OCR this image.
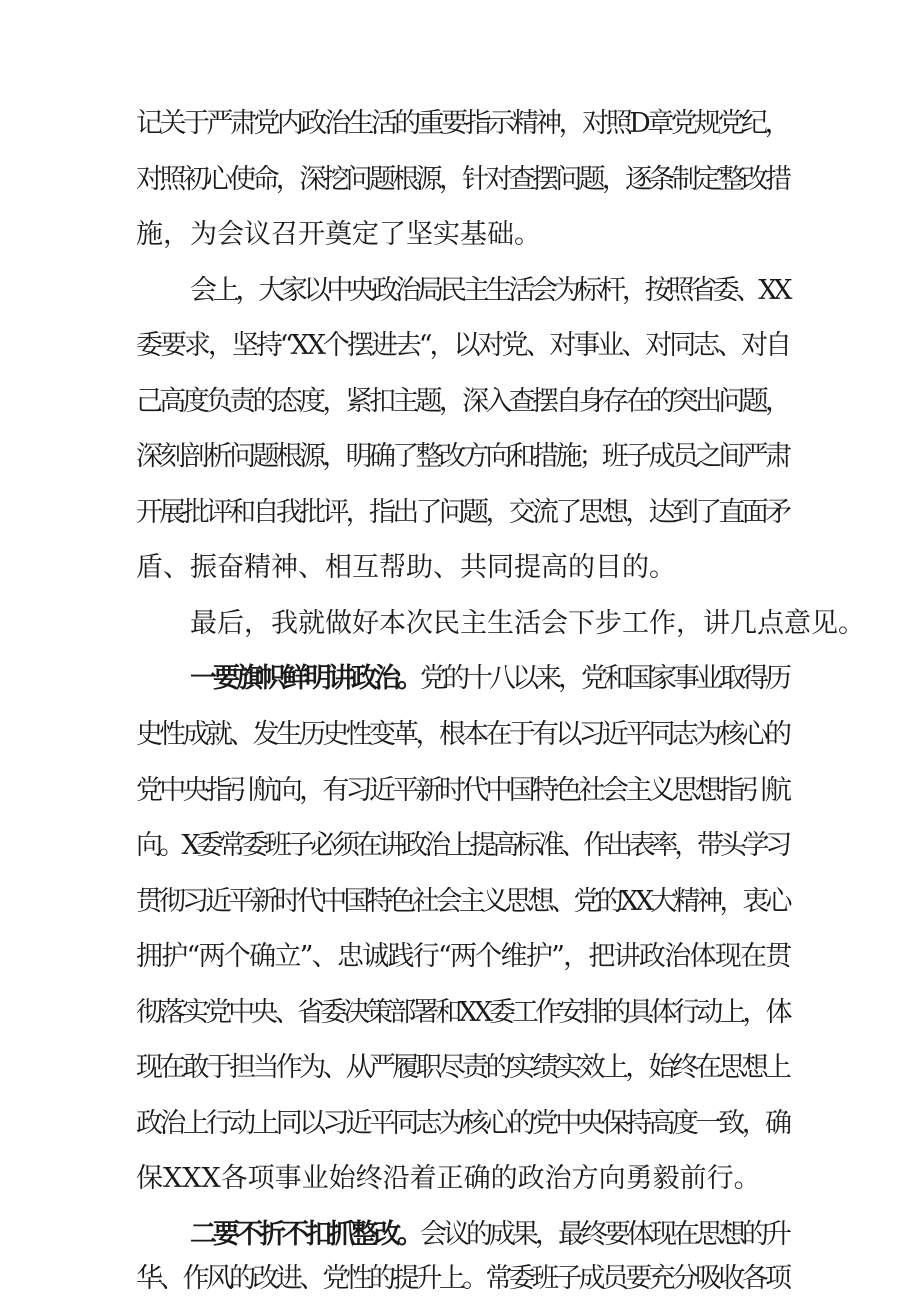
记关于严肃党内政治生活的重要指示精神，对照D章党规党纪，
对照初心使命，深挖问题根源，针对查摆问题，逐条制定整改措
施，为会议召开奠定了坚实基础。
会上，大家以中央政治局民主生活会为标杆，按照省委、XX
委要求，坚持“XX个摆进去“，以对党、对事业、对同志、对自
己高度负责的态度，紧扣主题，深入查摆自身存在的突出问题，
深刻剖析问题根源，明确了整改方向和措施；班子成员之间严肃
开展批评和自我批评，指出了问题，交流了思想，达到了直面矛
盾、振奋精神、相互帮助、共同提高的目的。
最后，我就做好本次民主生活会下步工作，讲几点意见。
一要旗帜鲜明讲政治。党的十八以来，党和国家事业取得历
史性成就、发生历史性变革，根本在于有以习近平同志为核心的
党中央指引航向，有习近平新时代中国特色社会主义思想指引航
向。X委常委班子必须在讲政治上提高标准、作出表率，带头学习
贯彻习近平新时代中国特色社会主义思想、党的XX大精神，衷心
拥护“两个确立”、忠诚践行“两个维护”，把讲政治体现在贯
彻落实党中央、省委决策部署和XX委工作安排的具体行动上，体
现在敢于担当作为、从严履职尽责的实绩实效上，始终在思想上
政治上行动上同以习近平同志为核心的党中央保持高度一致，确
保XXX各项事业始终沿着正确的政治方向勇毅前行。
二要不折不扣抓整改。会议的成果，最终要体现在思想的升
华、作风的改进、党性的提升上。常委班子成员要充分吸收各项
